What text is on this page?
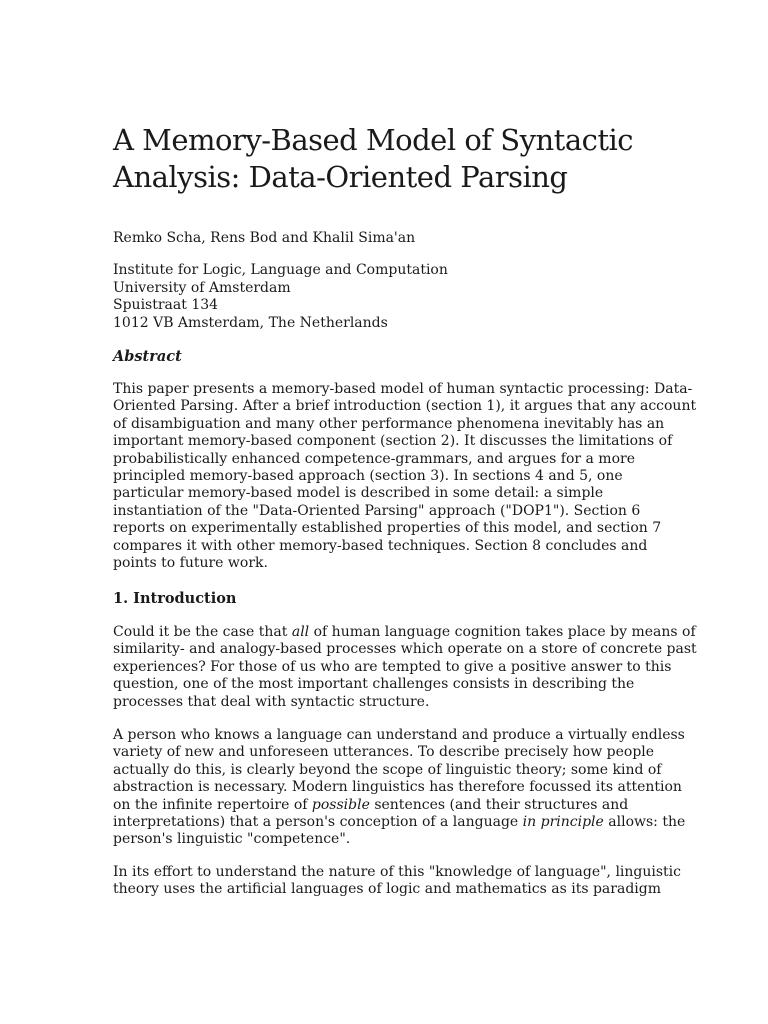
A Memory-Based Model of Syntactic
Analysis: Data-Oriented Parsing

Remko Scha, Rens Bod and Khalil Sima'an

Institute for Logic, Language and Computation
University of Amsterdam
Spuistraat 134
1012 VB Amsterdam, The Netherlands
Abstract

This paper presents a memory-based model of human syntactic processing: Data-
Oriented Parsing. After a brief introduction (section 1), it argues that any account
of disambiguation and many other performance phenomena inevitably has an
important memory-based component (section 2). It discusses the limitations of
probabilistically enhanced competence-grammars, and argues for a more
principled memory-based approach (section 3). In sections 4 and 5, one
particular memory-based model is described in some detail: a simple
instantiation of the "Data-Oriented Parsing" approach ("DOP1"). Section 6
reports on experimentally established properties of this model, and section 7
compares it with other memory-based techniques. Section 8 concludes and
points to future work.

1. Introduction

Could it be the case that all of human language cognition takes place by means of
similarity- and analogy-based processes which operate on a store of concrete past
experiences? For those of us who are tempted to give a positive answer to this
question, one of the most important challenges consists in describing the
processes that deal with syntactic structure.

A person who knows a language can understand and produce a virtually endless
variety of new and unforeseen utterances. To describe precisely how people
actually do this, is clearly beyond the scope of linguistic theory; some kind of
abstraction is necessary. Modern linguistics has therefore focussed its attention
on the infinite repertoire of possible sentences (and their structures and
interpretations) that a person's conception of a language in principle allows: the
person's linguistic "competence".

In its effort to understand the nature of this "knowledge of language", linguistic
theory uses the artificial languages of logic and mathematics as its paradigm
